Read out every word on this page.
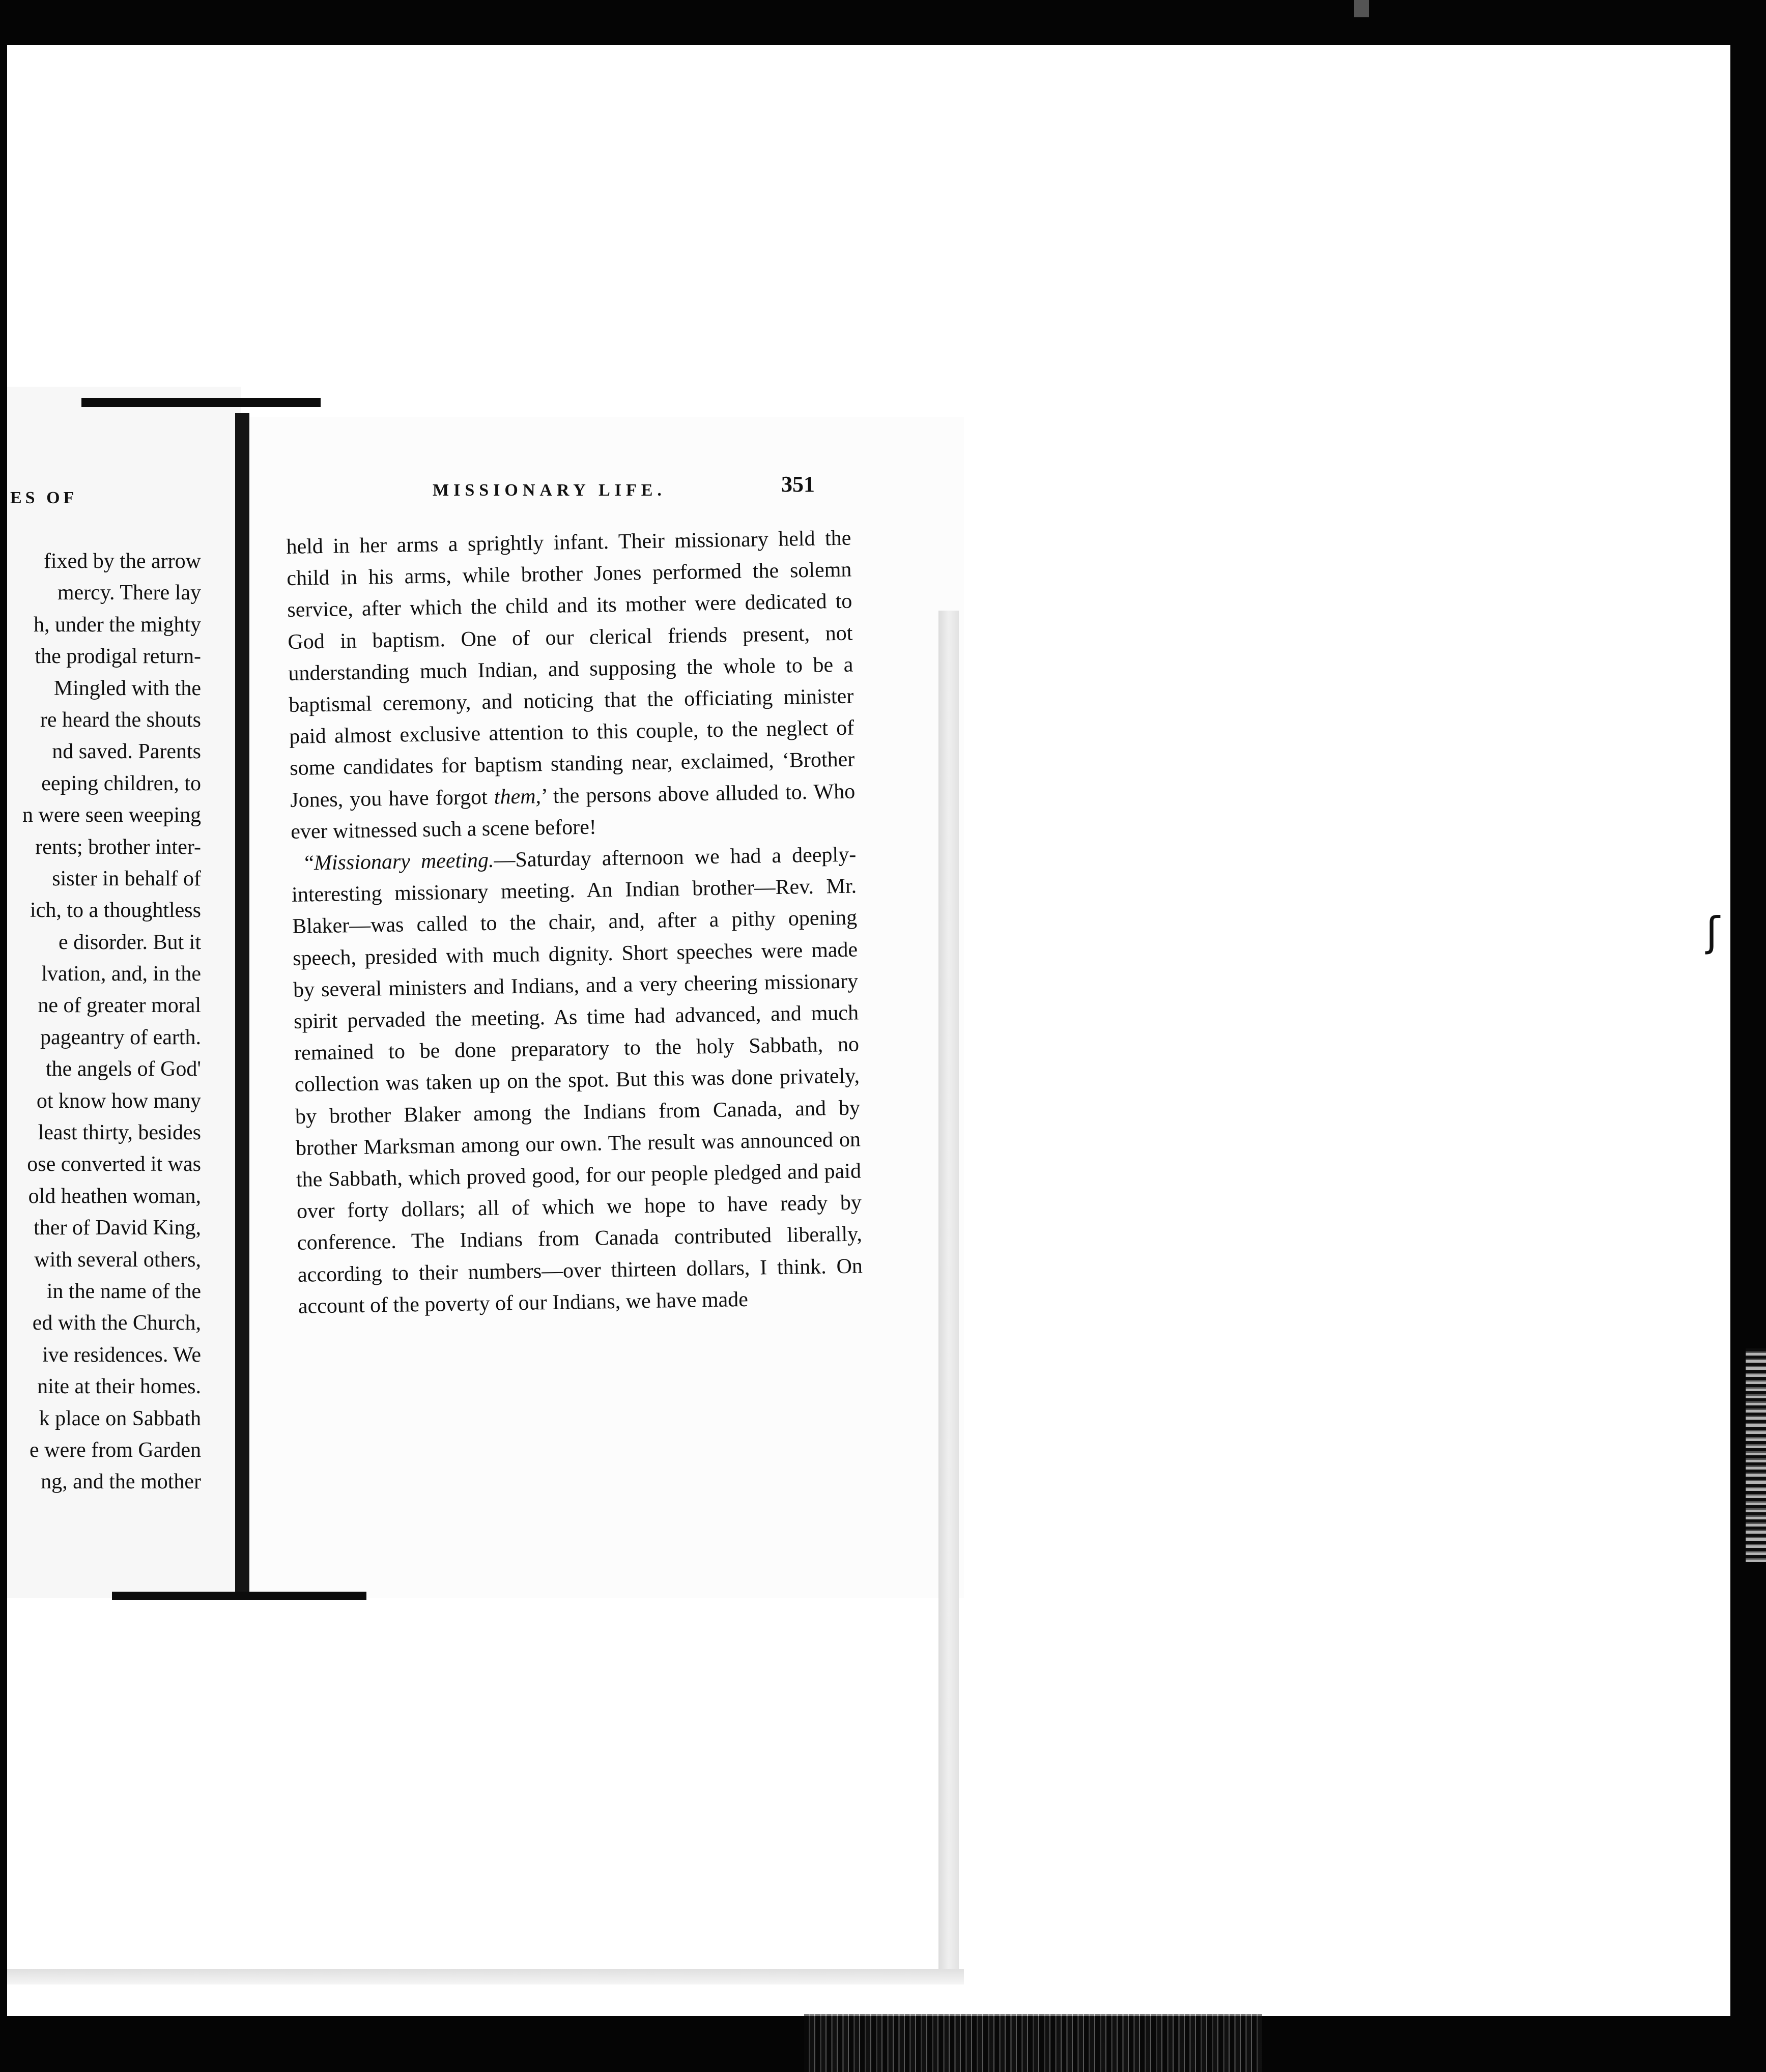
ES OF
fixed by the arrow
mercy. There lay
h, under the mighty
the prodigal return-
Mingled with the
re heard the shouts
nd saved. Parents
eeping children, to
n were seen weeping
rents; brother inter-
sister in behalf of
ich, to a thoughtless
e disorder. But it
lvation, and, in the
ne of greater moral
pageantry of earth.
the angels of God'
ot know how many
least thirty, besides
ose converted it was
old heathen woman,
ther of David King,
with several others,
in the name of the
ed with the Church,
ive residences. We
nite at their homes.
k place on Sabbath
e were from Garden
ng, and the mother
MISSIONARY LIFE.	351

held in her arms a sprightly infant. Their missionary held the child in his arms, while brother Jones performed the solemn service, after which the child and its mother were dedicated to God in baptism. One of our clerical friends present, not understanding much Indian, and supposing the whole to be a baptismal ceremony, and noticing that the officiating minister paid almost exclusive attention to this couple, to the neglect of some candidates for baptism standing near, exclaimed, ‘Brother Jones, you have forgot them,’ the persons above alluded to. Who ever witnessed such a scene before!

“Missionary meeting.—Saturday afternoon we had a deeply-interesting missionary meeting. An Indian brother—Rev. Mr. Blaker—was called to the chair, and, after a pithy opening speech, presided with much dignity. Short speeches were made by several ministers and Indians, and a very cheering missionary spirit pervaded the meeting. As time had advanced, and much remained to be done preparatory to the holy Sabbath, no collection was taken up on the spot. But this was done privately, by brother Blaker among the Indians from Canada, and by brother Marksman among our own. The result was announced on the Sabbath, which proved good, for our people pledged and paid over forty dollars; all of which we hope to have ready by conference. The Indians from Canada contributed liberally, according to their numbers—over thirteen dollars, I think. On account of the poverty of our Indians, we have made

ʃ
